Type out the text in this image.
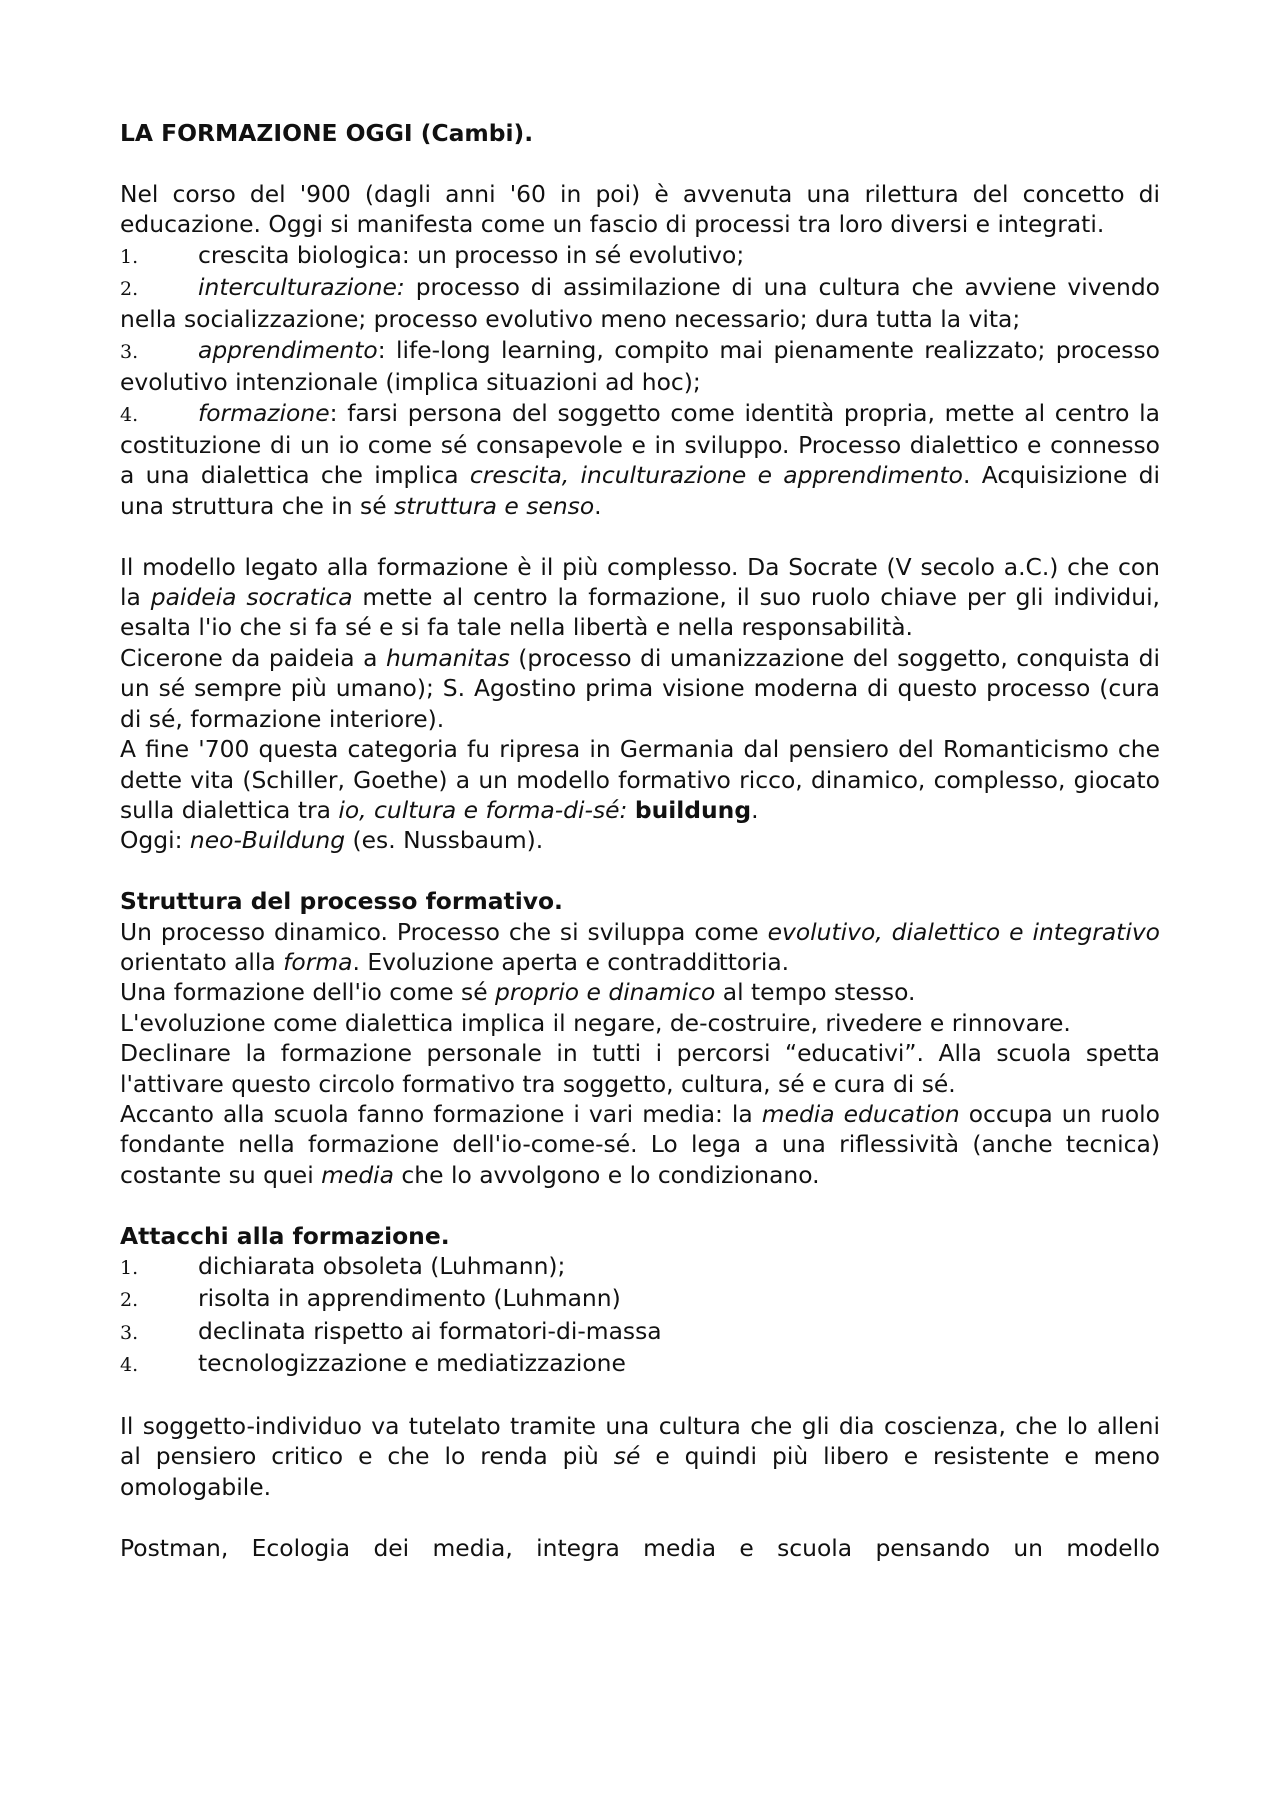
LA FORMAZIONE OGGI (Cambi).

Nel corso del '900 (dagli anni '60 in poi) è avvenuta una rilettura del concetto di educazione. Oggi si manifesta come un fascio di processi tra loro diversi e integrati.

1.	crescita biologica: un processo in sé evolutivo;

2.	interculturazione: processo di assimilazione di una cultura che avviene vivendo nella socializzazione; processo evolutivo meno necessario; dura tutta la vita;

3.	apprendimento: life-long learning, compito mai pienamente realizzato; processo evolutivo intenzionale (implica situazioni ad hoc);

4.	formazione: farsi persona del soggetto come identità propria, mette al centro la costituzione di un io come sé consapevole e in sviluppo. Processo dialettico e connesso a una dialettica che implica crescita, inculturazione e apprendimento. Acquisizione di una struttura che in sé struttura e senso.

Il modello legato alla formazione è il più complesso. Da Socrate (V secolo a.C.) che con la paideia socratica mette al centro la formazione, il suo ruolo chiave per gli individui, esalta l'io che si fa sé e si fa tale nella libertà e nella responsabilità.

Cicerone da paideia a humanitas (processo di umanizzazione del soggetto, conquista di un sé sempre più umano); S. Agostino prima visione moderna di questo processo (cura di sé, formazione interiore).

A fine '700 questa categoria fu ripresa in Germania dal pensiero del Romanticismo che dette vita (Schiller, Goethe) a un modello formativo ricco, dinamico, complesso, giocato sulla dialettica tra io, cultura e forma-di-sé: buildung.

Oggi: neo-Buildung (es. Nussbaum).

Struttura del processo formativo.

Un processo dinamico. Processo che si sviluppa come evolutivo, dialettico e integrativo orientato alla forma. Evoluzione aperta e contraddittoria.

Una formazione dell'io come sé proprio e dinamico al tempo stesso.

L'evoluzione come dialettica implica il negare, de-costruire, rivedere e rinnovare.

Declinare la formazione personale in tutti i percorsi “educativi”. Alla scuola spetta l'attivare questo circolo formativo tra soggetto, cultura, sé e cura di sé.

Accanto alla scuola fanno formazione i vari media: la media education occupa un ruolo fondante nella formazione dell'io-come-sé. Lo lega a una riflessività (anche tecnica) costante su quei media che lo avvolgono e lo condizionano.

Attacchi alla formazione.

1.	dichiarata obsoleta (Luhmann);

2.	risolta in apprendimento (Luhmann)

3.	declinata rispetto ai formatori-di-massa

4.	tecnologizzazione e mediatizzazione

Il soggetto-individuo va tutelato tramite una cultura che gli dia coscienza, che lo alleni al pensiero critico e che lo renda più sé e quindi più libero e resistente e meno omologabile.

Postman, Ecologia dei media, integra media e scuola pensando un modello
